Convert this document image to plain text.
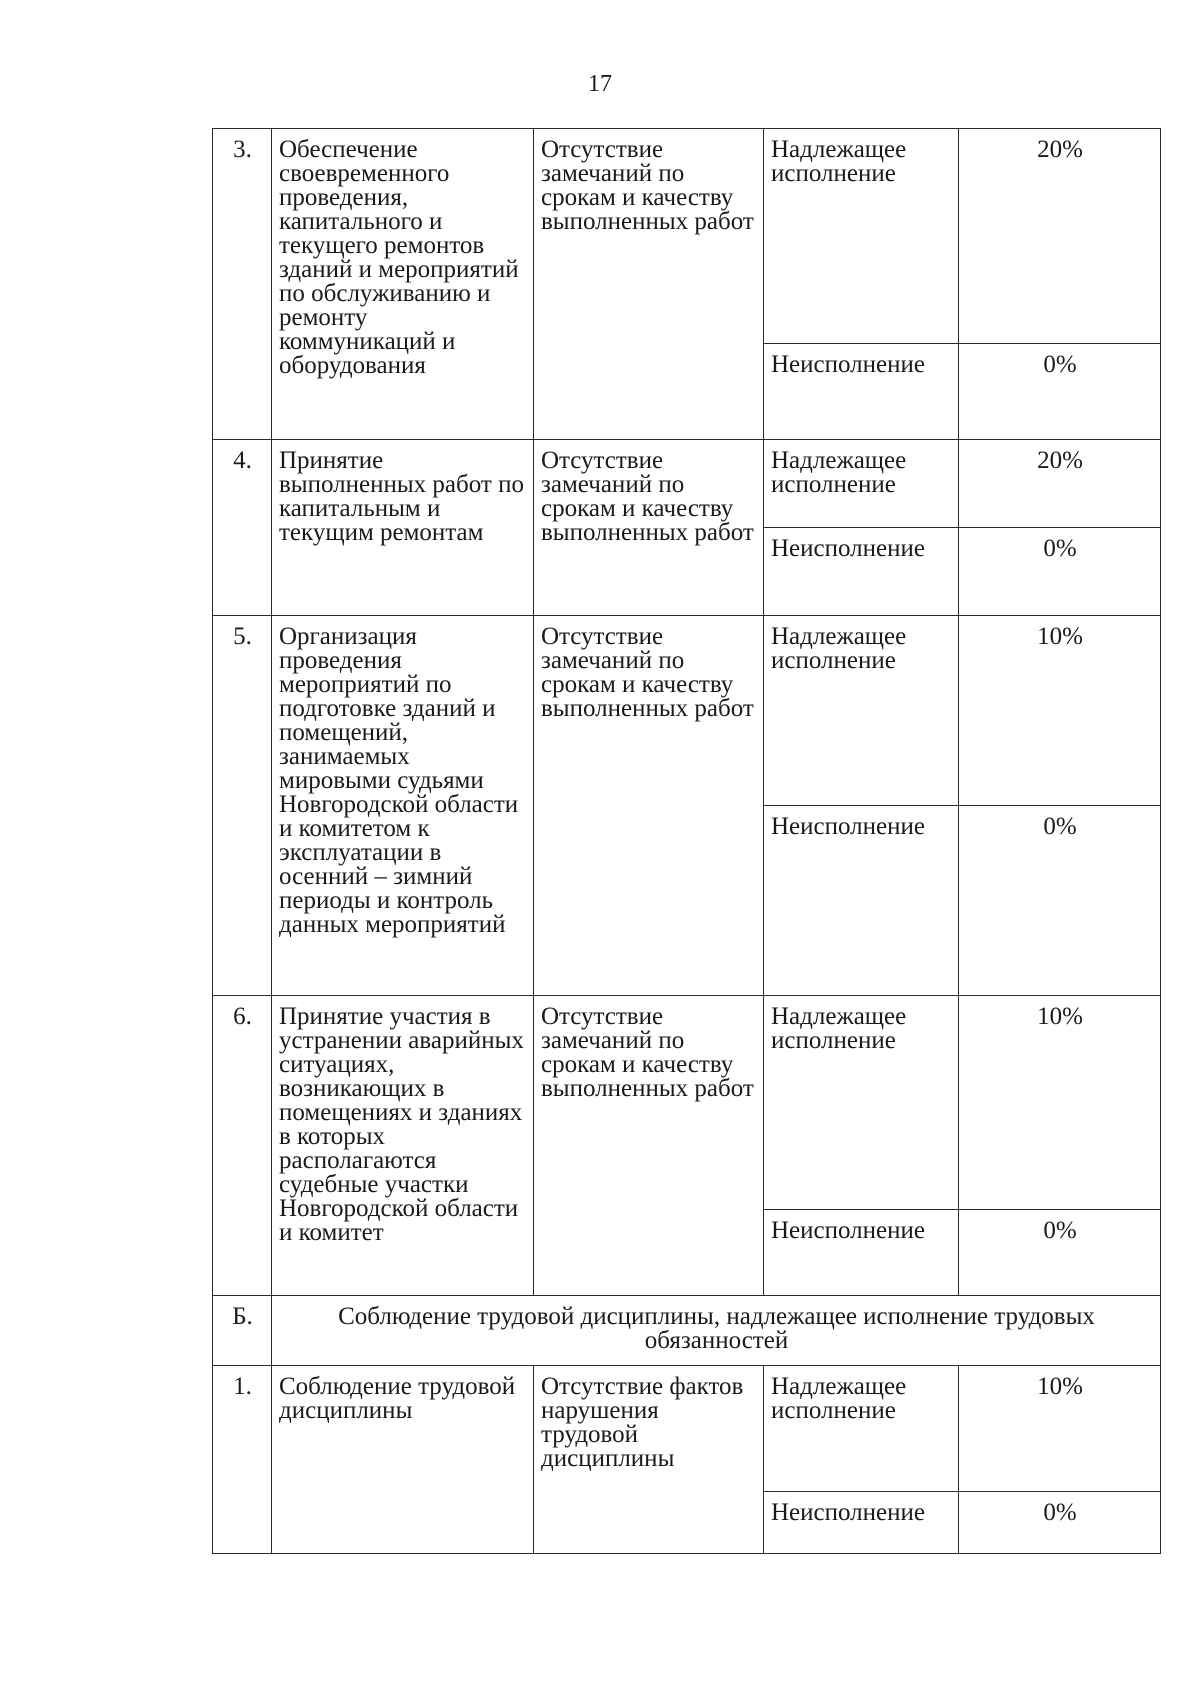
17
3.	Обеспечение своевременного проведения, капитального и текущего ремонтов зданий и мероприятий по обслуживанию и ремонту коммуникаций и оборудования	Отсутствие замечаний по срокам и качеству выполненных работ	Надлежащее исполнение	20%
			Неисполнение	0%
4.	Принятие выполненных работ по капитальным и текущим ремонтам	Отсутствие замечаний по срокам и качеству выполненных работ	Надлежащее исполнение	20%
			Неисполнение	0%
5.	Организация проведения мероприятий по подготовке зданий и помещений, занимаемых мировыми судьями Новгородской области и комитетом к эксплуатации в осенний – зимний периоды и контроль данных мероприятий	Отсутствие замечаний по срокам и качеству выполненных работ	Надлежащее исполнение	10%
			Неисполнение	0%
6.	Принятие участия в устранении аварийных ситуациях, возникающих в помещениях и зданиях в которых располагаются судебные участки Новгородской области и комитет	Отсутствие замечаний по срокам и качеству выполненных работ	Надлежащее исполнение	10%
			Неисполнение	0%
Б.	Соблюдение трудовой дисциплины, надлежащее исполнение трудовых обязанностей			
1.	Соблюдение трудовой дисциплины	Отсутствие фактов нарушения трудовой дисциплины	Надлежащее исполнение	10%
			Неисполнение	0%
